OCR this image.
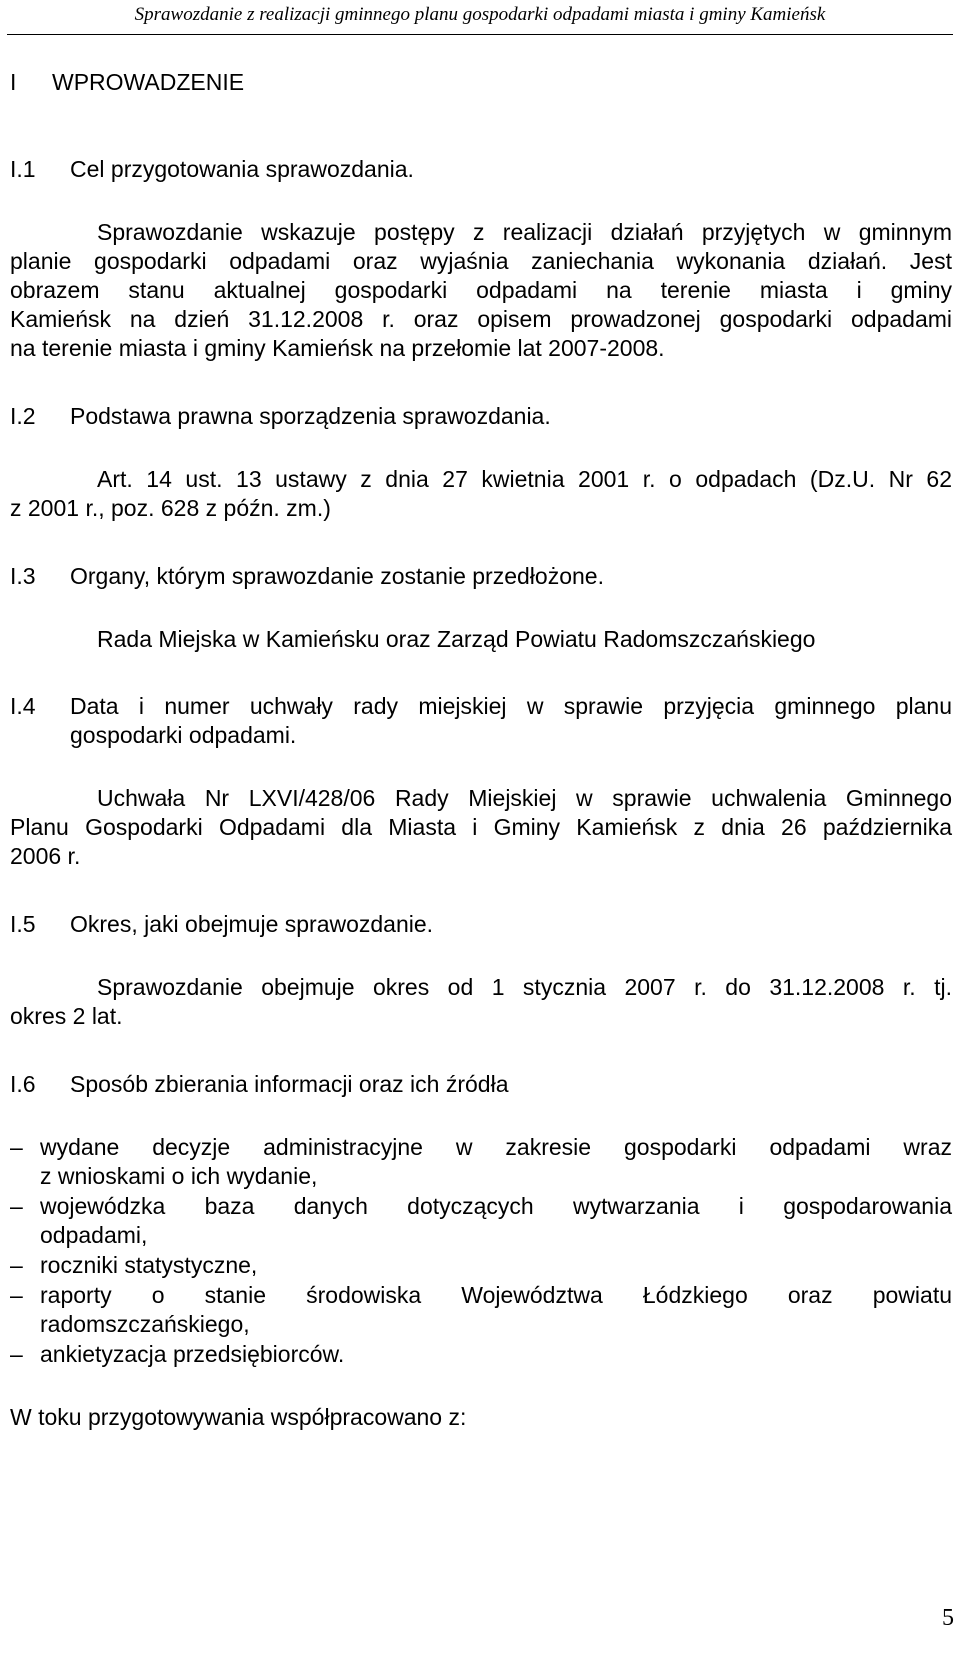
Sprawozdanie z realizacji gminnego planu gospodarki odpadami miasta i gminy Kamieńsk
I WPROWADZENIE
I.1 Cel przygotowania sprawozdania.
Sprawozdanie wskazuje postępy z realizacji działań przyjętych w gminnym
planie gospodarki odpadami oraz wyjaśnia zaniechania wykonania działań. Jest
obrazem stanu aktualnej gospodarki odpadami na terenie miasta i gminy
Kamieńsk na dzień 31.12.2008 r. oraz opisem prowadzonej gospodarki odpadami
na terenie miasta i gminy Kamieńsk na przełomie lat 2007-2008.
I.2 Podstawa prawna sporządzenia sprawozdania.
Art. 14 ust. 13 ustawy z dnia 27 kwietnia 2001 r. o odpadach (Dz.U. Nr 62
z 2001 r., poz. 628 z późn. zm.)
I.3 Organy, którym sprawozdanie zostanie przedłożone.
Rada Miejska w Kamieńsku oraz Zarząd Powiatu Radomszczańskiego
I.4 Data i numer uchwały rady miejskiej w sprawie przyjęcia gminnego planu
gospodarki odpadami.
Uchwała Nr LXVI/428/06 Rady Miejskiej w sprawie uchwalenia Gminnego
Planu Gospodarki Odpadami dla Miasta i Gminy Kamieńsk z dnia 26 października
2006 r.
I.5 Okres, jaki obejmuje sprawozdanie.
Sprawozdanie obejmuje okres od 1 stycznia 2007 r. do 31.12.2008 r. tj.
okres 2 lat.
I.6 Sposób zbierania informacji oraz ich źródła
– wydane decyzje administracyjne w zakresie gospodarki odpadami wraz
z wnioskami o ich wydanie,
– wojewódzka baza danych dotyczących wytwarzania i gospodarowania
odpadami,
– roczniki statystyczne,
– raporty o stanie środowiska Województwa Łódzkiego oraz powiatu
radomszczańskiego,
– ankietyzacja przedsiębiorców.
W toku przygotowywania współpracowano z:
5
